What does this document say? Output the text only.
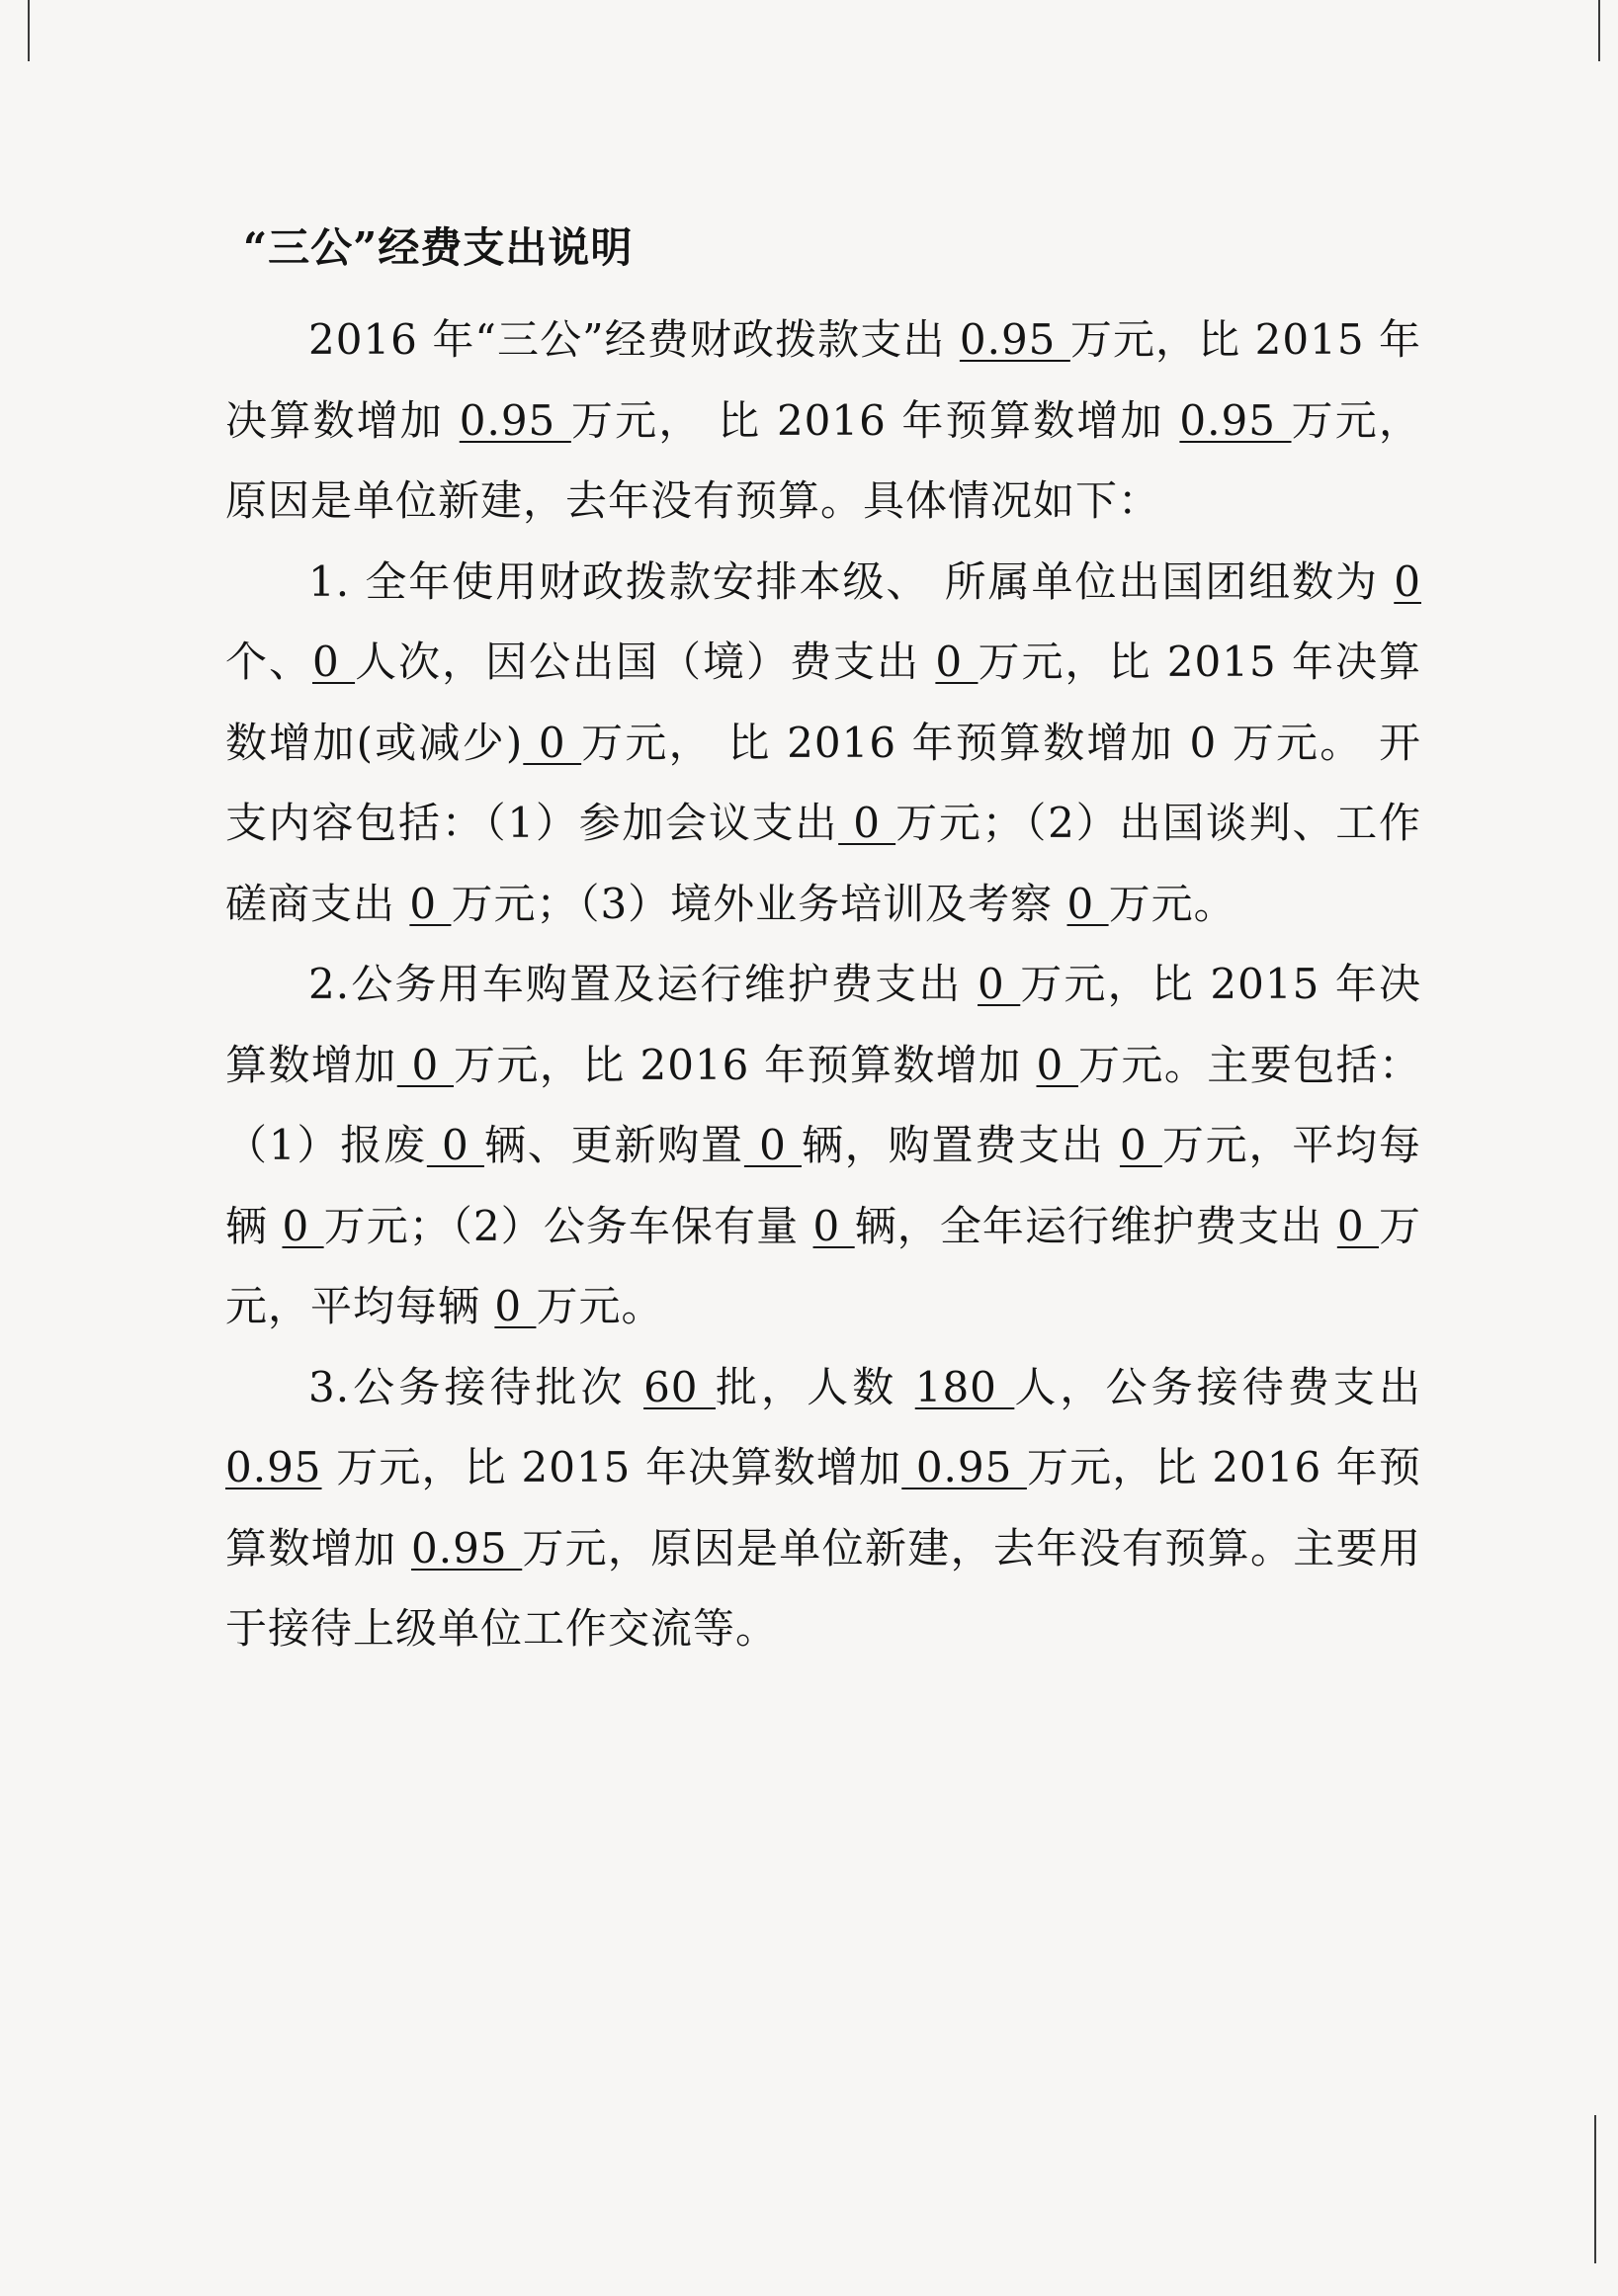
“三公”经费支出说明

2016 年“三公”经费财政拨款支出 0.95 万元，比 2015 年决算数增加 0.95 万元， 比 2016 年预算数增加 0.95 万元，原因是单位新建，去年没有预算。具体情况如下：

1. 全年使用财政拨款安排本级、 所属单位出国团组数为 0 个、0 人次，因公出国（境）费支出 0 万元，比 2015 年决算数增加(或减少) 0 万元， 比 2016 年预算数增加 0 万元。 开支内容包括：（1）参加会议支出 0 万元；（2）出国谈判、工作磋商支出 0 万元；（3）境外业务培训及考察 0 万元。

2.公务用车购置及运行维护费支出 0 万元，比 2015 年决算数增加 0 万元，比 2016 年预算数增加 0 万元。主要包括：（1）报废 0 辆、更新购置 0 辆，购置费支出 0 万元，平均每辆 0 万元；（2）公务车保有量 0 辆，全年运行维护费支出 0 万元，平均每辆 0 万元。

3.公务接待批次 60 批，人数 180 人，公务接待费支出 0.95 万元，比 2015 年决算数增加 0.95 万元，比 2016 年预算数增加 0.95 万元，原因是单位新建，去年没有预算。主要用于接待上级单位工作交流等。
